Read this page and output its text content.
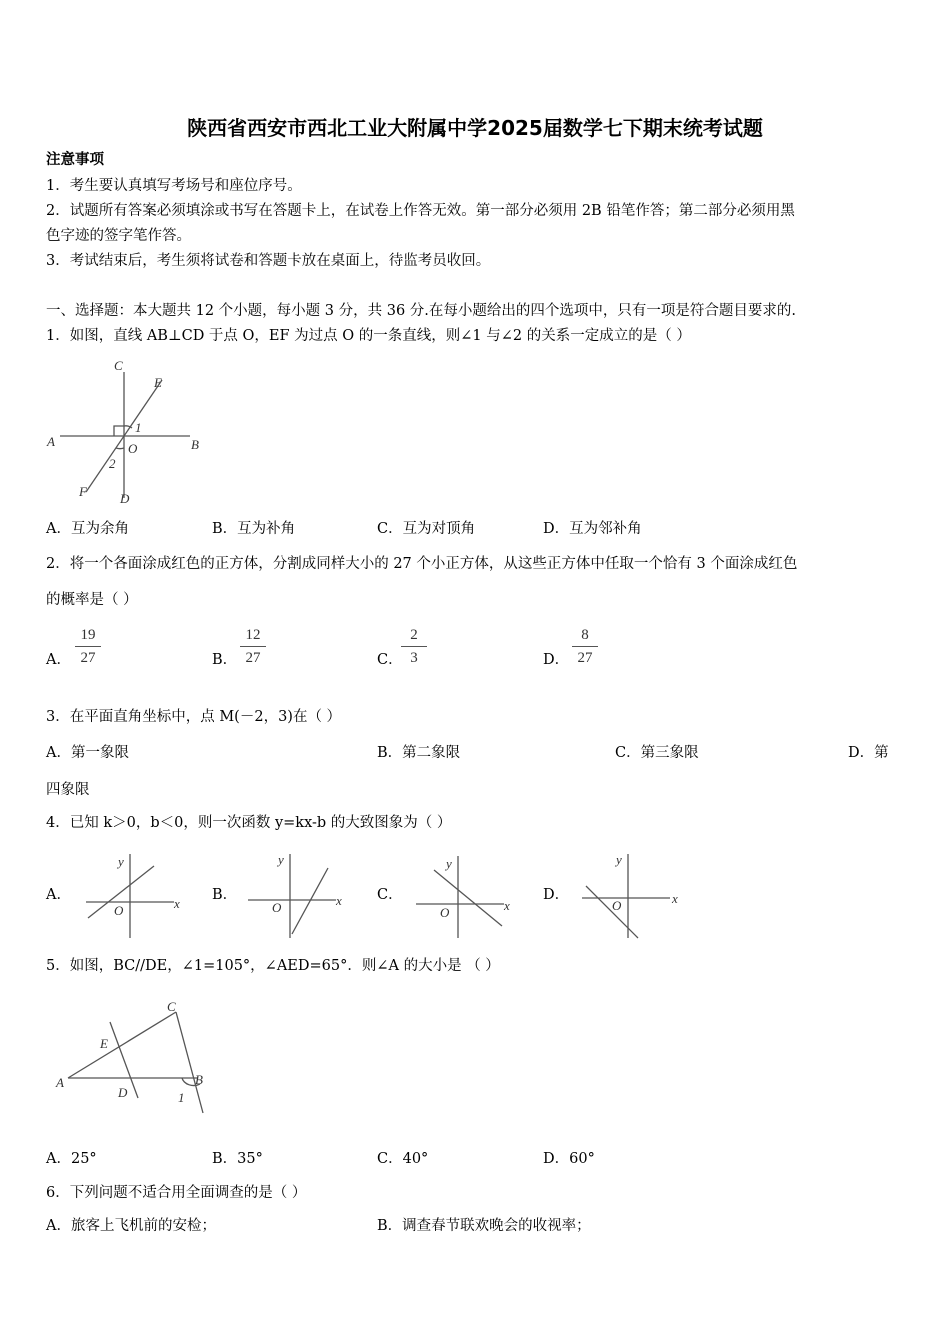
陕西省西安市西北工业大附属中学2025届数学七下期末统考试题
注意事项
1．考生要认真填写考场号和座位序号。
2．试题所有答案必须填涂或书写在答题卡上，在试卷上作答无效。第一部分必须用 2B 铅笔作答；第二部分必须用黑
色字迹的签字笔作答。
3．考试结束后，考生须将试卷和答题卡放在桌面上，待监考员收回。
一、选择题：本大题共 12 个小题，每小题 3 分，共 36 分.在每小题给出的四个选项中，只有一项是符合题目要求的.
1．如图，直线 AB⊥CD 于点 O，EF 为过点 O 的一条直线，则∠1 与∠2 的关系一定成立的是（ ）
C
E
A	B
O
1
2
F	D
A．互为余角	B．互为补角	C．互为对顶角	D．互为邻补角
2．将一个各面涂成红色的正方体，分割成同样大小的 27 个小正方体，从这些正方体中任取一个恰有 3 个面涂成红色
的概率是（ ）
A．
19
27	B．
12
27	C．
2
3	D．
8
27
3．在平面直角坐标中，点 M(－2，3)在（ ）
A．第一象限	B．第二象限	C．第三象限	D．第
四象限
4．已知 k＞0，b＜0，则一次函数 y=kx-b 的大致图象为（ ）
A．
y
x
O
B．
y
x
O
C．
y
x
O
D．
y
x
O
5．如图，BC//DE，∠1=105°，∠AED=65°．则∠A 的大小是 （ ）
C
E
A
D
B
1
A．25°	B．35°	C．40°	D．60°
6．下列问题不适合用全面调查的是（ ）
A．旅客上飞机前的安检；	B．调查春节联欢晚会的收视率；
